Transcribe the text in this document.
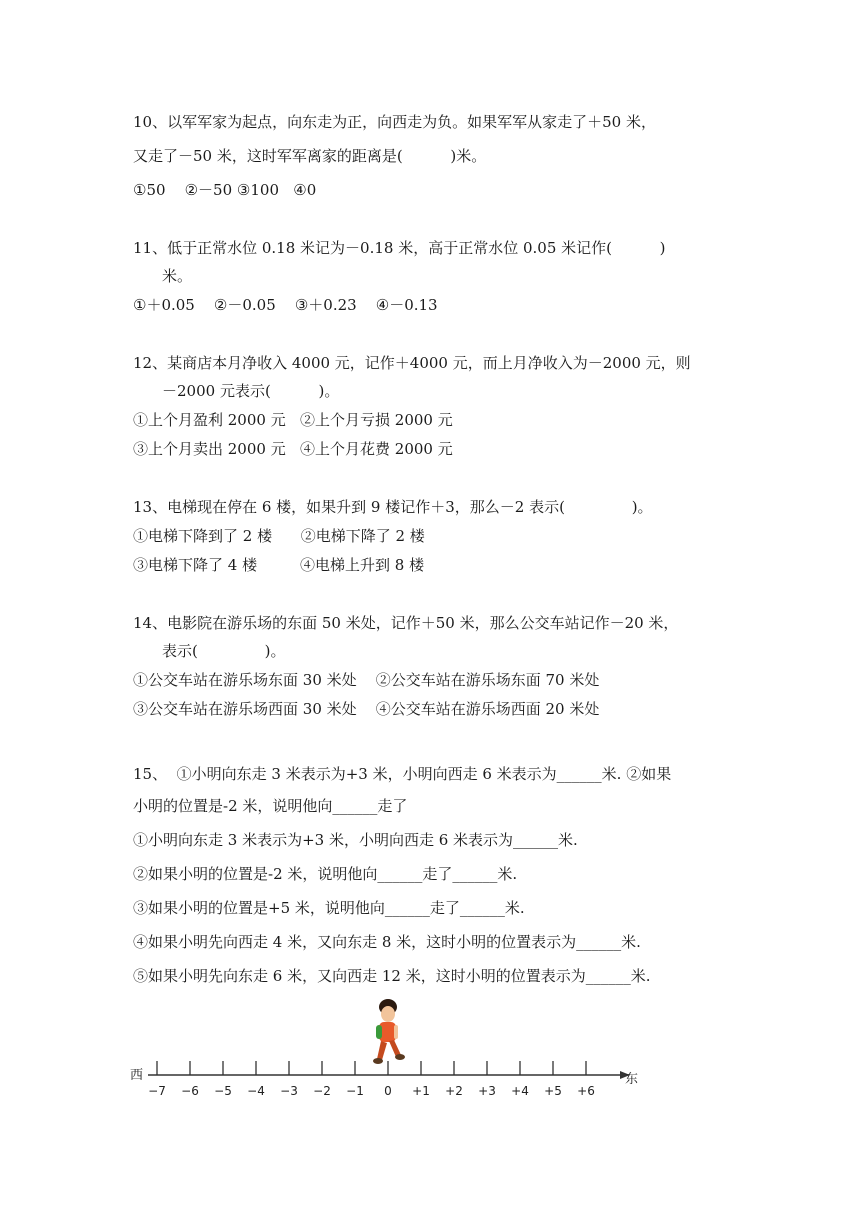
10、以军军家为起点，向东走为正，向西走为负。如果军军从家走了＋50 米，
又走了－50 米，这时军军离家的距离是(          )米。
①50    ②－50 ③100   ④0
11、低于正常水位 0.18 米记为－0.18 米，高于正常水位 0.05 米记作(          )
米。
①＋0.05    ②－0.05    ③＋0.23    ④－0.13
12、某商店本月净收入 4000 元，记作＋4000 元，而上月净收入为－2000 元，则
－2000 元表示(          )。
①上个月盈利 2000 元   ②上个月亏损 2000 元
③上个月卖出 2000 元   ④上个月花费 2000 元
13、电梯现在停在 6 楼，如果升到 9 楼记作＋3，那么－2 表示(              )。
①电梯下降到了 2 楼      ②电梯下降了 2 楼
③电梯下降了 4 楼         ④电梯上升到 8 楼
14、电影院在游乐场的东面 50 米处，记作＋50 米，那么公交车站记作－20 米，
表示(              )。
①公交车站在游乐场东面 30 米处    ②公交车站在游乐场东面 70 米处
③公交车站在游乐场西面 30 米处    ④公交车站在游乐场西面 20 米处
15、  ①小明向东走 3 米表示为+3 米，小明向西走 6 米表示为______米. ②如果
小明的位置是-2 米，说明他向______走了
①小明向东走 3 米表示为+3 米，小明向西走 6 米表示为______米.
②如果小明的位置是-2 米，说明他向______走了______米.
③如果小明的位置是+5 米，说明他向______走了______米.
④如果小明先向西走 4 米，又向东走 8 米，这时小明的位置表示为______米.
⑤如果小明先向东走 6 米，又向西走 12 米，这时小明的位置表示为______米.
西	东
−7 −6 −5 −4 −3 −2 −1 0 +1 +2 +3 +4 +5 +6
